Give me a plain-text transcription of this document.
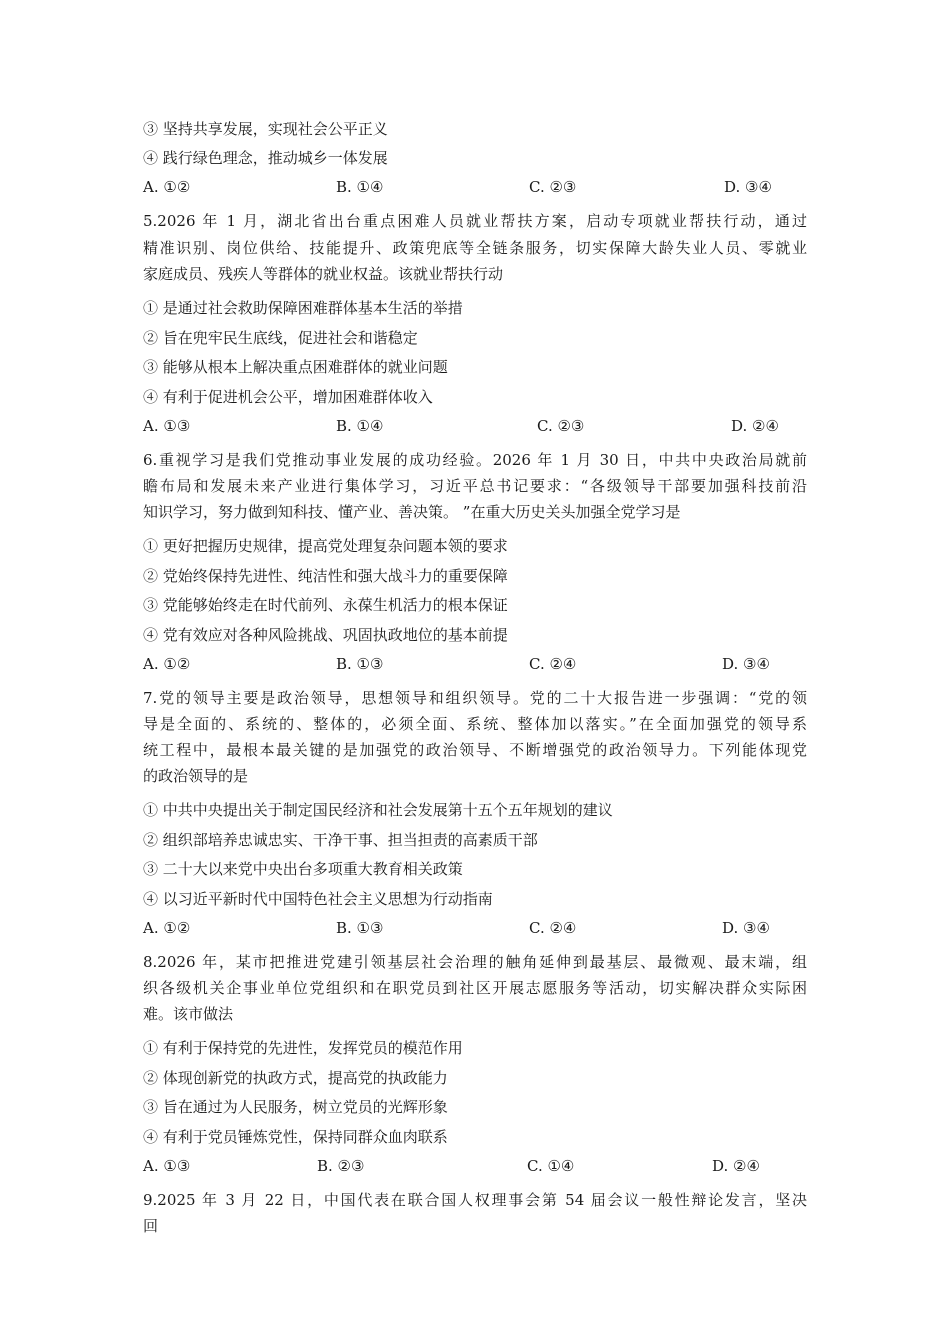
③ 坚持共享发展，实现社会公平正义
④ 践行绿色理念，推动城乡一体发展
A. ①②	B. ①④	C. ②③	D. ③④
5.2026 年 1 月，湖北省出台重点困难人员就业帮扶方案，启动专项就业帮扶行动，通过
精准识别、岗位供给、技能提升、政策兜底等全链条服务，切实保障大龄失业人员、零就业
家庭成员、残疾人等群体的就业权益。该就业帮扶行动
① 是通过社会救助保障困难群体基本生活的举措
② 旨在兜牢民生底线，促进社会和谐稳定
③ 能够从根本上解决重点困难群体的就业问题
④ 有利于促进机会公平，增加困难群体收入
A. ①③	B. ①④	C. ②③	D. ②④
6.重视学习是我们党推动事业发展的成功经验。2026 年 1 月 30 日，中共中央政治局就前
瞻布局和发展未来产业进行集体学习，习近平总书记要求：“各级领导干部要加强科技前沿
知识学习，努力做到知科技、懂产业、善决策。 ”在重大历史关头加强全党学习是
① 更好把握历史规律，提高党处理复杂问题本领的要求
② 党始终保持先进性、纯洁性和强大战斗力的重要保障
③ 党能够始终走在时代前列、永葆生机活力的根本保证
④ 党有效应对各种风险挑战、巩固执政地位的基本前提
A. ①②	B. ①③	C. ②④	D. ③④
7.党的领导主要是政治领导，思想领导和组织领导。党的二十大报告进一步强调：“党的领
导是全面的、系统的、整体的，必须全面、系统、整体加以落实。”在全面加强党的领导系
统工程中，最根本最关键的是加强党的政治领导、不断增强党的政治领导力。下列能体现党
的政治领导的是
① 中共中央提出关于制定国民经济和社会发展第十五个五年规划的建议
② 组织部培养忠诚忠实、干净干事、担当担责的高素质干部
③ 二十大以来党中央出台多项重大教育相关政策
④ 以习近平新时代中国特色社会主义思想为行动指南
A. ①②	B. ①③	C. ②④	D. ③④
8.2026 年，某市把推进党建引领基层社会治理的触角延伸到最基层、最微观、最末端，组
织各级机关企事业单位党组织和在职党员到社区开展志愿服务等活动，切实解决群众实际困
难。该市做法
① 有利于保持党的先进性，发挥党员的模范作用
② 体现创新党的执政方式，提高党的执政能力
③ 旨在通过为人民服务，树立党员的光辉形象
④ 有利于党员锤炼党性，保持同群众血肉联系
A. ①③	B. ②③	C. ①④	D. ②④
9.2025 年 3 月 22 日，中国代表在联合国人权理事会第 54 届会议一般性辩论发言，坚决
回
